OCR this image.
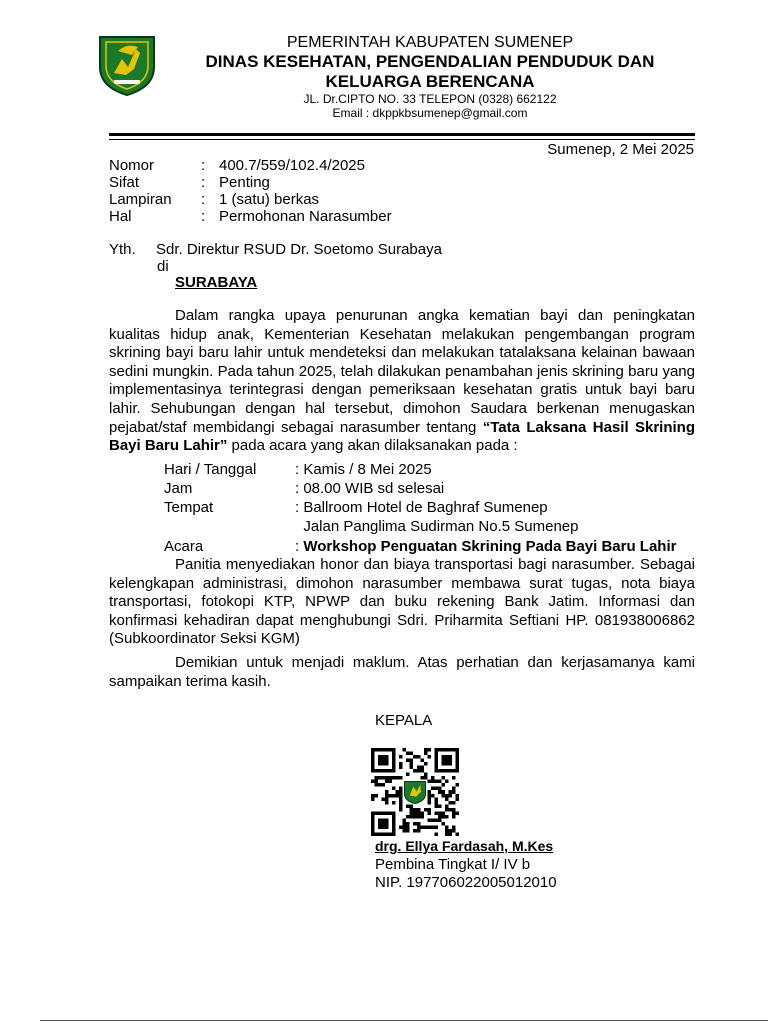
PEMERINTAH KABUPATEN SUMENEP
DINAS KESEHATAN, PENGENDALIAN PENDUDUK DAN
KELUARGA BERENCANA
JL. Dr.CIPTO NO. 33 TELEPON (0328) 662122
Email : dkppkbsumenep@gmail.com
Sumenep, 2 Mei 2025
Nomor	: 400.7/559/102.4/2025
Sifat	: Penting
Lampiran	: 1 (satu) berkas
Hal	: Permohonan Narasumber
Yth. Sdr. Direktur RSUD Dr. Soetomo Surabaya
di
SURABAYA
Dalam rangka upaya penurunan angka kematian bayi dan peningkatan kualitas hidup anak, Kementerian Kesehatan melakukan pengembangan program skrining bayi baru lahir untuk mendeteksi dan melakukan tatalaksana kelainan bawaan sedini mungkin. Pada tahun 2025, telah dilakukan penambahan jenis skrining baru yang implementasinya terintegrasi dengan pemeriksaan kesehatan gratis untuk bayi baru lahir. Sehubungan dengan hal tersebut, dimohon Saudara berkenan menugaskan pejabat/staf membidangi sebagai narasumber tentang “Tata Laksana Hasil Skrining Bayi Baru Lahir” pada acara yang akan dilaksanakan pada :
Hari / Tanggal	: Kamis / 8 Mei 2025
Jam	: 08.00 WIB sd selesai
Tempat	: Ballroom Hotel de Baghraf Sumenep
Jalan Panglima Sudirman No.5 Sumenep
Acara	: Workshop Penguatan Skrining Pada Bayi Baru Lahir
Panitia menyediakan honor dan biaya transportasi bagi narasumber. Sebagai kelengkapan administrasi, dimohon narasumber membawa surat tugas, nota biaya transportasi, fotokopi KTP, NPWP dan buku rekening Bank Jatim. Informasi dan konfirmasi kehadiran dapat menghubungi Sdri. Priharmita Seftiani HP. 081938006862 (Subkoordinator Seksi KGM)
Demikian untuk menjadi maklum. Atas perhatian dan kerjasamanya kami sampaikan terima kasih.
KEPALA
drg. Ellya Fardasah, M.Kes
Pembina Tingkat I/ IV b
NIP. 197706022005012010
